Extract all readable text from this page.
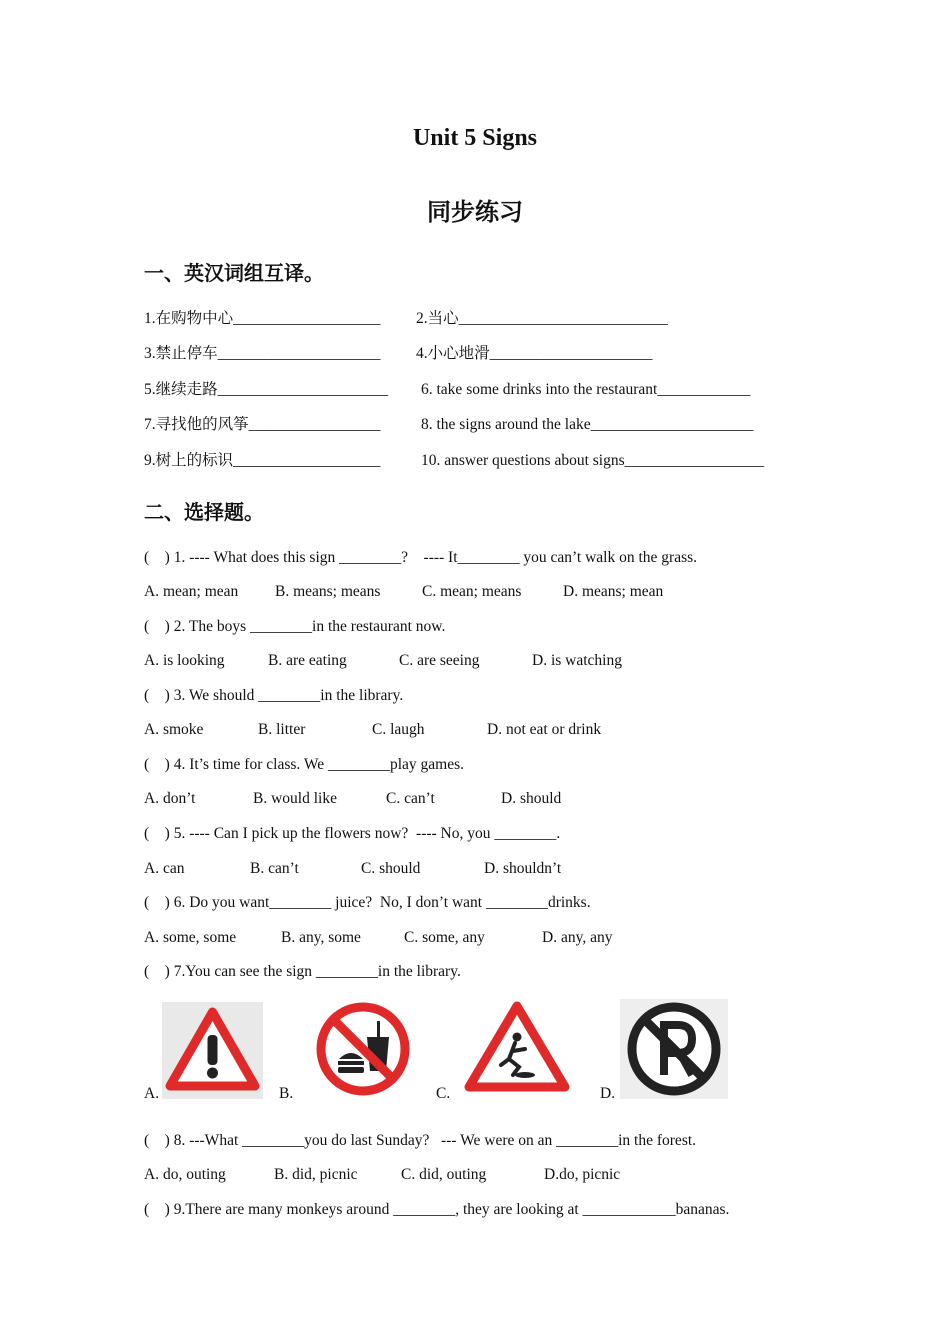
Unit 5 Signs
同步练习
一、英汉词组互译。
1.在购物中心___________________ 2.当心___________________________
3.禁止停车_____________________ 4.小心地滑_____________________
5.继续走路______________________ 6. take some drinks into the restaurant____________
7.寻找他的风筝_________________	8. the signs around the lake_____________________
9.树上的标识___________________	10. answer questions about signs__________________
二、选择题。
(    ) 1. ---- What does this sign ________?    ---- It________ you can’t walk on the grass.
A. mean; mean B. means; means	C. mean; means	D. means; mean
(    ) 2. The boys ________in the restaurant now.
A. is looking	B. are eating	C. are seeing	D. is watching
(    ) 3. We should ________in the library.
A. smoke	B. litter	C. laugh	D. not eat or drink
(    ) 4. It’s time for class. We ________play games.
A. don’t	B. would like	C. can’t	D. should
(    ) 5. ---- Can I pick up the flowers now?  ---- No, you ________.
A. can	B. can’t	C. should	D. shouldn’t
(    ) 6. Do you want________ juice?  No, I don’t want ________drinks.
A. some, some	B. any, some	C. some, any	D. any, any
(    ) 7.You can see the sign ________in the library.
A.	B.	C.	D.
(    ) 8. ---What ________you do last Sunday?   --- We were on an ________in the forest.
A. do, outing	B. did, picnic	C. did, outing	D.do, picnic
(    ) 9.There are many monkeys around ________, they are looking at ____________bananas.
